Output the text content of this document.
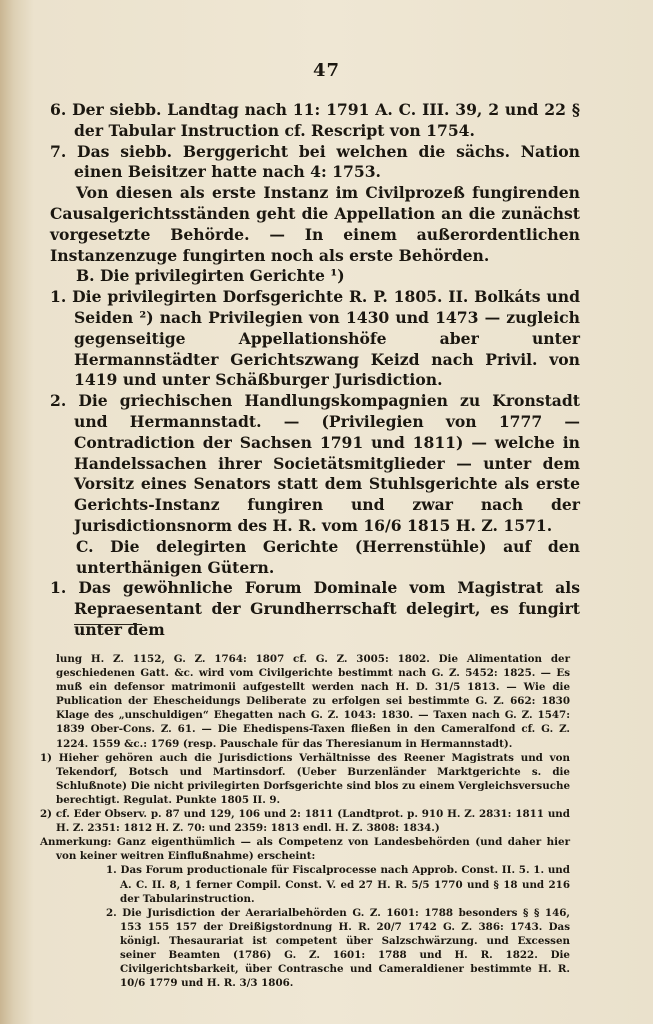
47

6. Der siebb. Landtag nach 11: 1791 A. C. III. 39, 2 und 22 § der Tabular Instruction cf. Rescript von 1754.

7. Das siebb. Berggericht bei welchen die sächs. Nation einen Beisitzer hatte nach 4: 1753.

Von diesen als erste Instanz im Civilprozeß fungirenden Causalgerichtsständen geht die Appellation an die zunächst vorgesetzte Behörde. — In einem außerordentlichen Instanzenzuge fungirten noch als erste Behörden.

B. Die privilegirten Gerichte ¹)

1. Die privilegirten Dorfsgerichte R. P. 1805. II. Bolkáts und Seiden ²) nach Privilegien von 1430 und 1473 — zugleich gegenseitige Appellationshöfe aber unter Hermannstädter Gerichtszwang Keizd nach Privil. von 1419 und unter Schäßburger Jurisdiction.

2. Die griechischen Handlungskompagnien zu Kronstadt und Hermannstadt. — (Privilegien von 1777 — Contradiction der Sachsen 1791 und 1811) — welche in Handelssachen ihrer Societätsmitglieder — unter dem Vorsitz eines Senators statt dem Stuhlsgerichte als erste Gerichts-Instanz fungiren und zwar nach der Jurisdictionsnorm des H. R. vom 16/6 1815 H. Z. 1571.

C. Die delegirten Gerichte (Herrenstühle) auf den unterthänigen Gütern.

1. Das gewöhnliche Forum Dominale vom Magistrat als Repraesentant der Grundherrschaft delegirt, es fungirt unter dem

lung H. Z. 1152, G. Z. 1764: 1807 cf. G. Z. 3005: 1802. Die Alimentation der geschiedenen Gatt. &c. wird vom Civilgerichte bestimmt nach G. Z. 5452: 1825. — Es muß ein defensor matrimonii aufgestellt werden nach H. D. 31/5 1813. — Wie die Publication der Ehescheidungs Deliberate zu erfolgen sei bestimmte G. Z. 662: 1830 Klage des „unschuldigen“ Ehegatten nach G. Z. 1043: 1830. — Taxen nach G. Z. 1547: 1839 Ober-Cons. Z. 61. — Die Ehedispens-Taxen fließen in den Cameralfond cf. G. Z. 1224. 1559 &c.: 1769 (resp. Pauschale für das Theresianum in Hermannstadt).

1) Hieher gehören auch die Jurisdictions Verhältnisse des Reener Magistrats und von Tekendorf, Botsch und Martinsdorf. (Ueber Burzenländer Marktgerichte s. die Schlußnote) Die nicht privilegirten Dorfsgerichte sind blos zu einem Vergleichsversuche berechtigt. Regulat. Punkte 1805 II. 9.

2) cf. Eder Observ. p. 87 und 129, 106 und 2: 1811 (Landtprot. p. 910 H. Z. 2831: 1811 und H. Z. 2351: 1812 H. Z. 70: und 2359: 1813 endl. H. Z. 3808: 1834.)

Anmerkung: Ganz eigenthümlich — als Competenz von Landesbehörden (und daher hier von keiner weitren Einflußnahme) erscheint:

1. Das Forum productionale für Fiscalprocesse nach Approb. Const. II. 5. 1. und A. C. II. 8, 1 ferner Compil. Const. V. ed 27 H. R. 5/5 1770 und § 18 und 216 der Tabularinstruction.

2. Die Jurisdiction der Aerarialbehörden G. Z. 1601: 1788 besonders § § 146, 153 155 157 der Dreißigstordnung H. R. 20/7 1742 G. Z. 386: 1743. Das königl. Thesaurariat ist competent über Salzschwärzung. und Excessen seiner Beamten (1786) G. Z. 1601: 1788 und H. R. 1822. Die Civilgerichtsbarkeit, über Contrasche und Cameraldiener bestimmte H. R. 10/6 1779 und H. R. 3/3 1806.
